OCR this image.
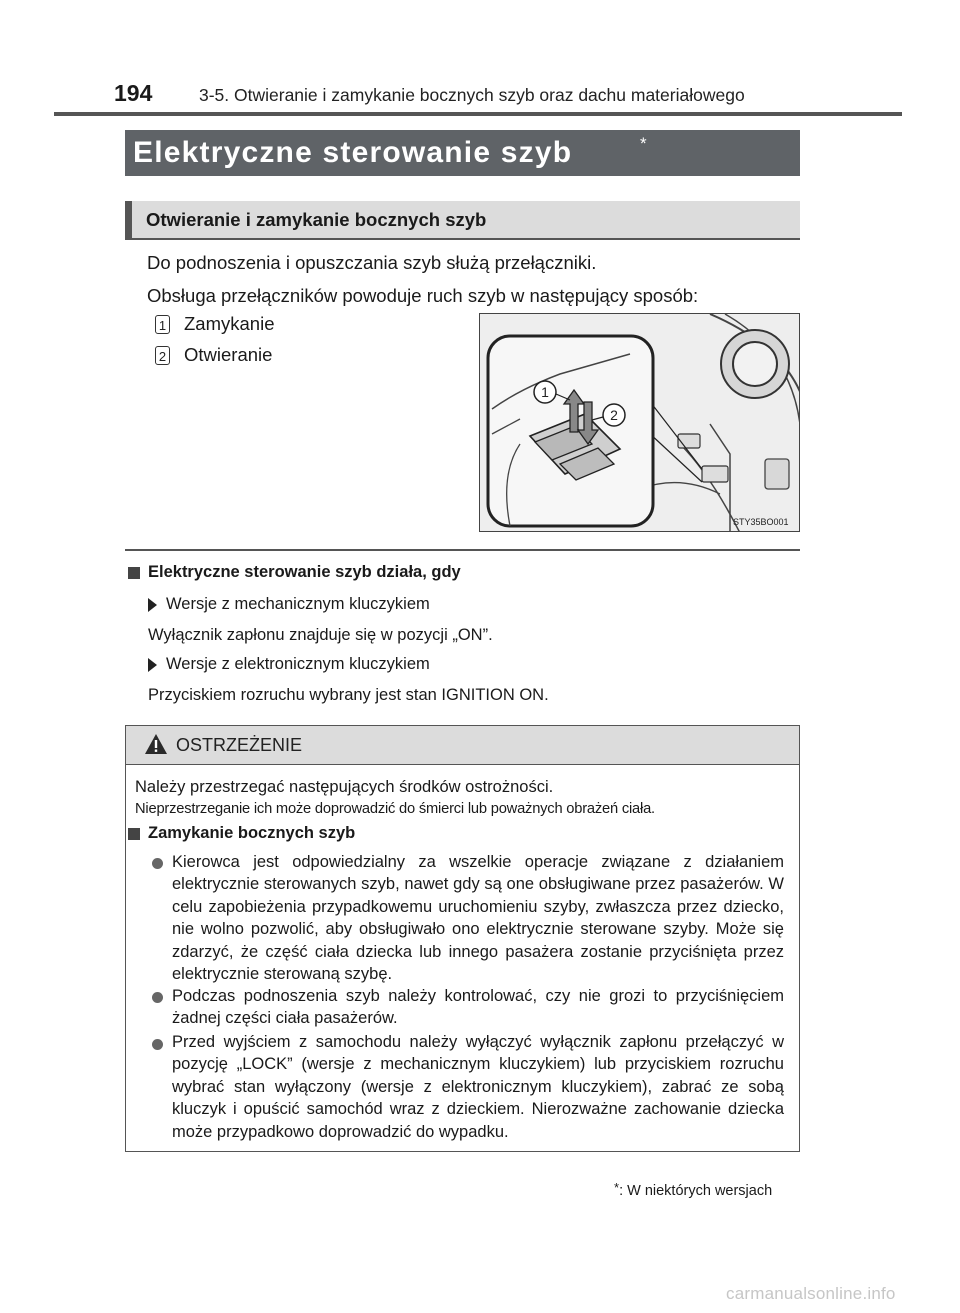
194	3-5. Otwieranie i zamykanie bocznych szyb oraz dachu materiałowego
Elektryczne sterowanie szyb	*
Otwieranie i zamykanie bocznych szyb
Do podnoszenia i opuszczania szyb służą przełączniki.
Obsługa przełączników powoduje ruch szyb w następujący sposób:
1 Zamykanie
2 Otwieranie
1
2
STY35BO001
Elektryczne sterowanie szyb działa, gdy
Wersje z mechanicznym kluczykiem
Wyłącznik zapłonu znajduje się w pozycji „ON”.
Wersje z elektronicznym kluczykiem
Przyciskiem rozruchu wybrany jest stan IGNITION ON.
OSTRZEŻENIE
Należy przestrzegać następujących środków ostrożności.
Nieprzestrzeganie ich może doprowadzić do śmierci lub poważnych obrażeń ciała.
Zamykanie bocznych szyb
Kierowca jest odpowiedzialny za wszelkie operacje związane z działaniem elektrycznie sterowanych szyb, nawet gdy są one obsługiwane przez pasażerów. W celu zapobieżenia przypadkowemu uruchomieniu szyby, zwłaszcza przez dziecko, nie wolno pozwolić, aby obsługiwało ono elektrycznie sterowane szyby. Może się zdarzyć, że część ciała dziecka lub innego pasażera zostanie przyciśnięta przez elektrycznie sterowaną szybę.
Podczas podnoszenia szyb należy kontrolować, czy nie grozi to przyciśnięciem żadnej części ciała pasażerów.
Przed wyjściem z samochodu należy wyłączyć wyłącznik zapłonu przełączyć w pozycję „LOCK” (wersje z mechanicznym kluczykiem) lub przyciskiem rozruchu wybrać stan wyłączony (wersje z elektronicznym kluczykiem), zabrać ze sobą kluczyk i opuścić samochód wraz z dzieckiem. Nierozważne zachowanie dziecka może przypadkowo doprowadzić do wypadku.
*: W niektórych wersjach
carmanualsonline.info
